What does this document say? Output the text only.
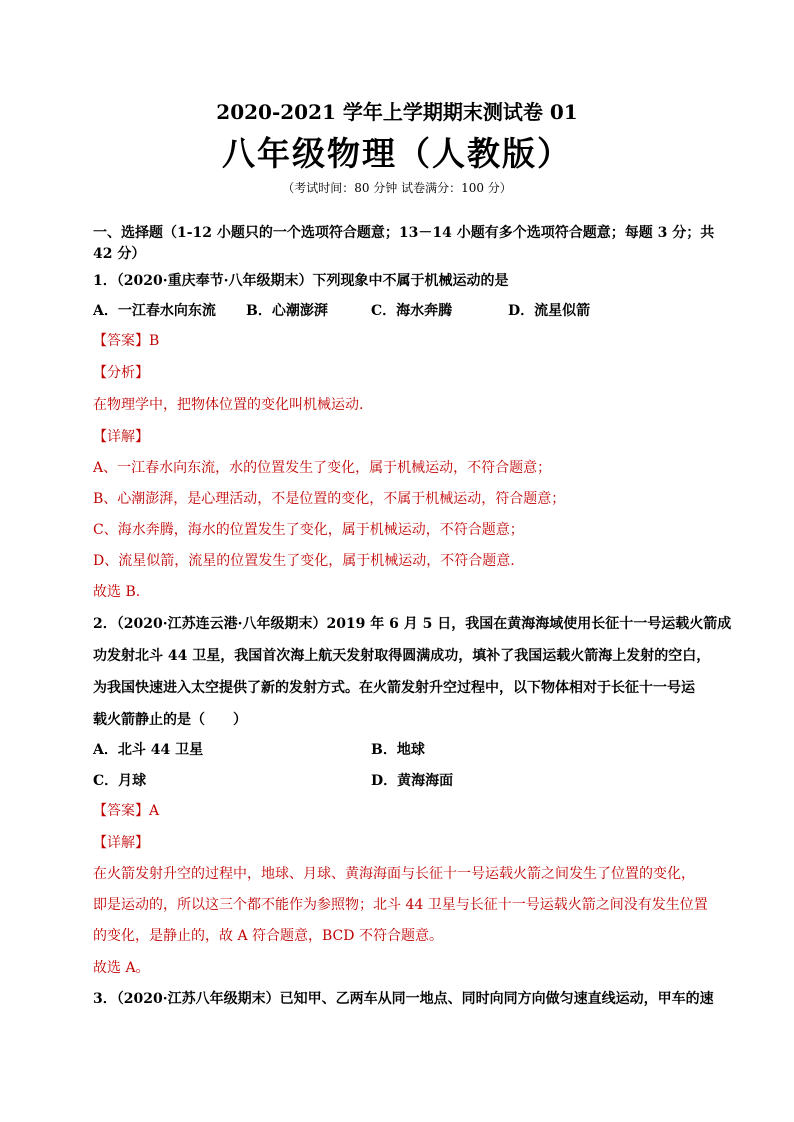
2020-2021 学年上学期期末测试卷 01
八年级物理（人教版）
（考试时间：80 分钟 试卷满分：100 分）
一、选择题（1-12 小题只的一个选项符合题意；13－14 小题有多个选项符合题意；每题 3 分；共
42 分）
1．（2020·重庆奉节·八年级期末）下列现象中不属于机械运动的是
A．一江春水向东流 B．心潮澎湃	C．海水奔腾	D．流星似箭
【答案】B
【分析】
在物理学中，把物体位置的变化叫机械运动.
【详解】
A、一江春水向东流，水的位置发生了变化，属于机械运动，不符合题意；
B、心潮澎湃，是心理活动，不是位置的变化，不属于机械运动，符合题意；
C、海水奔腾，海水的位置发生了变化，属于机械运动，不符合题意；
D、流星似箭，流星的位置发生了变化，属于机械运动，不符合题意.
故选 B.
2．（2020·江苏连云港·八年级期末）2019 年 6 月 5 日，我国在黄海海域使用长征十一号运载火箭成
功发射北斗 44 卫星，我国首次海上航天发射取得圆满成功，填补了我国运载火箭海上发射的空白，
为我国快速进入太空提供了新的发射方式。在火箭发射升空过程中，以下物体相对于长征十一号运
载火箭静止的是（　　）
A．北斗 44 卫星	B．地球
C．月球	D．黄海海面
【答案】A
【详解】
在火箭发射升空的过程中，地球、月球、黄海海面与长征十一号运载火箭之间发生了位置的变化，
即是运动的，所以这三个都不能作为参照物；北斗 44 卫星与长征十一号运载火箭之间没有发生位置
的变化，是静止的，故 A 符合题意，BCD 不符合题意。
故选 A。
3．（2020·江苏八年级期末）已知甲、乙两车从同一地点、同时向同方向做匀速直线运动，甲车的速
